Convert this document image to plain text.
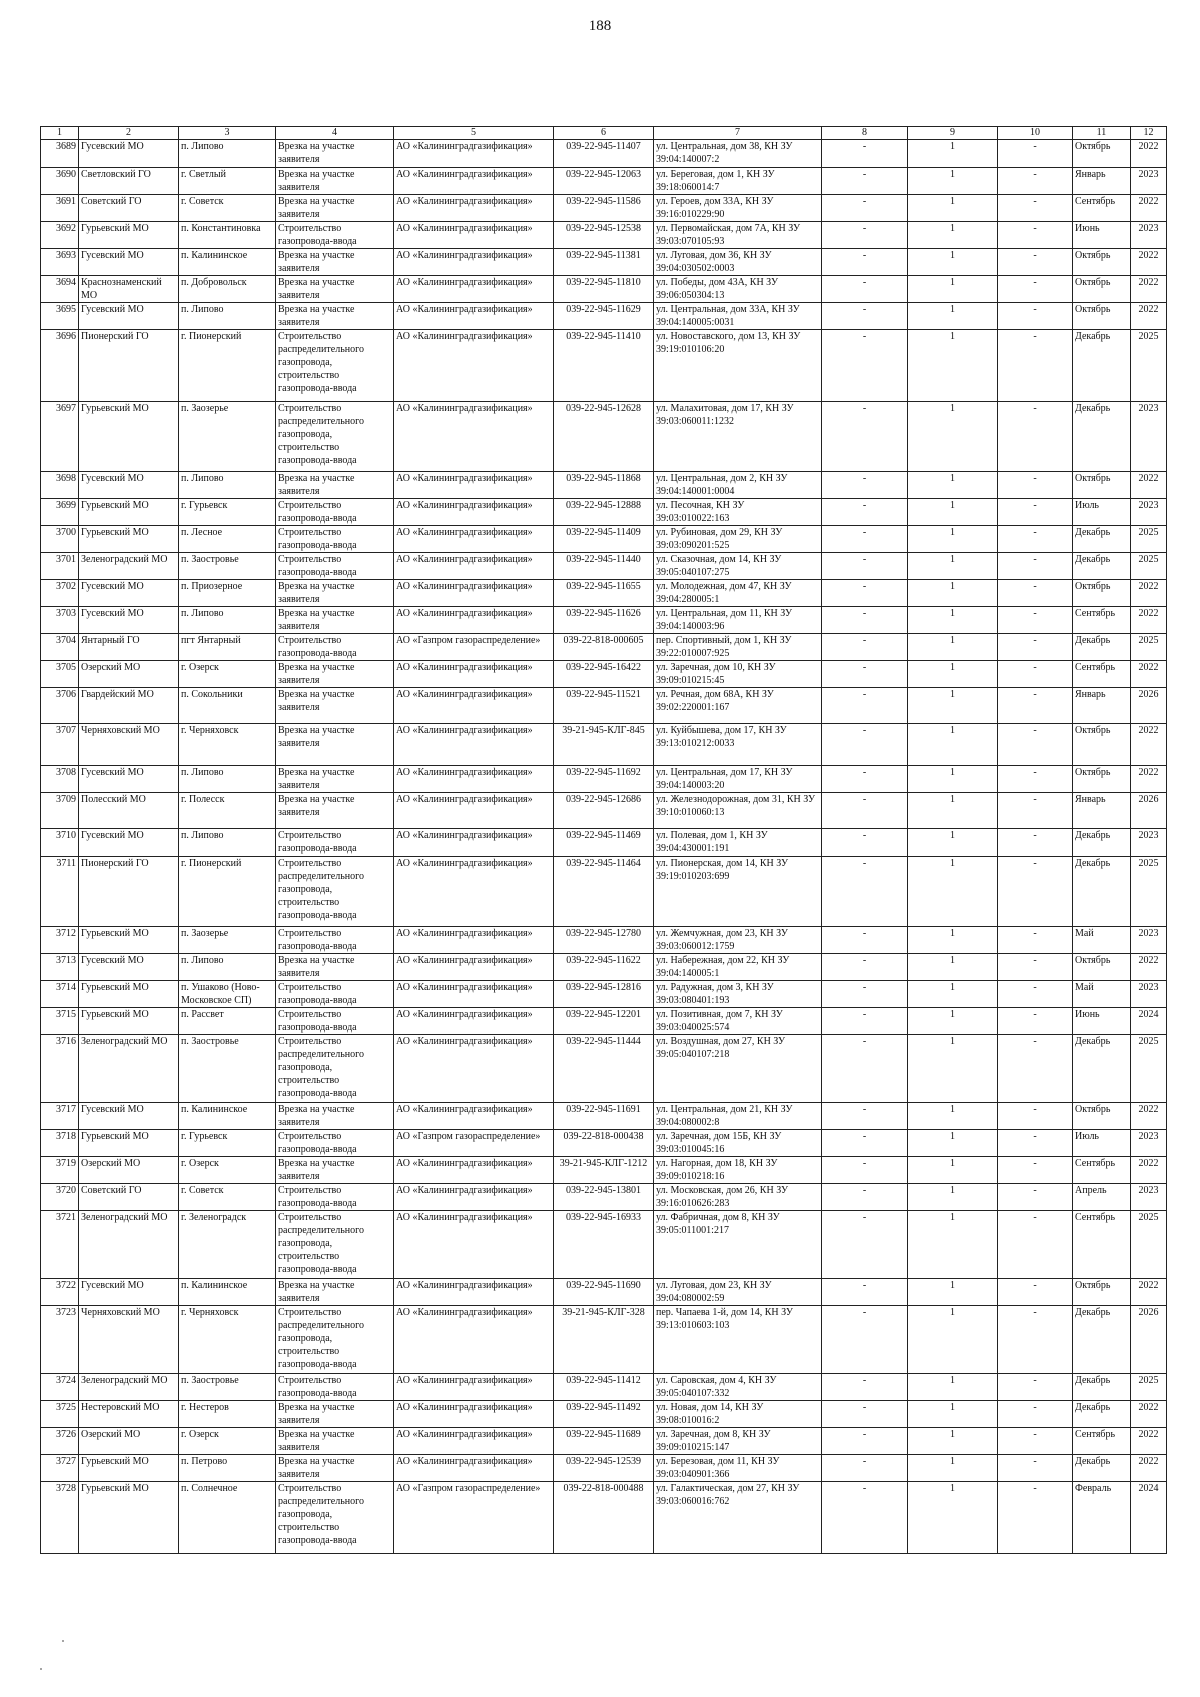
188
1	2	3	4	5	6	7	8	9	10	11	12
3689	Гусевский МО	п. Липово	Врезка на участке заявителя	АО «Калининградгазификация»	039-22-945-11407	ул. Центральная, дом 38, КН ЗУ 39:04:140007:2	-	1	-	Октябрь	2022
3690	Светловский ГО	г. Светлый	Врезка на участке заявителя	АО «Калининградгазификация»	039-22-945-12063	ул. Береговая, дом 1, КН ЗУ 39:18:060014:7	-	1	-	Январь	2023
3691	Советский ГО	г. Советск	Врезка на участке заявителя	АО «Калининградгазификация»	039-22-945-11586	ул. Героев, дом 33А, КН ЗУ 39:16:010229:90	-	1	-	Сентябрь	2022
3692	Гурьевский МО	п. Константиновка	Строительство газопровода-ввода	АО «Калининградгазификация»	039-22-945-12538	ул. Первомайская, дом 7А, КН ЗУ 39:03:070105:93	-	1	-	Июнь	2023
3693	Гусевский МО	п. Калининское	Врезка на участке заявителя	АО «Калининградгазификация»	039-22-945-11381	ул. Луговая, дом 36, КН ЗУ 39:04:030502:0003	-	1	-	Октябрь	2022
3694	Краснознаменский МО	п. Добровольск	Врезка на участке заявителя	АО «Калининградгазификация»	039-22-945-11810	ул. Победы, дом 43А, КН ЗУ 39:06:050304:13	-	1	-	Октябрь	2022
3695	Гусевский МО	п. Липово	Врезка на участке заявителя	АО «Калининградгазификация»	039-22-945-11629	ул. Центральная, дом 33А, КН ЗУ 39:04:140005:0031	-	1	-	Октябрь	2022
3696	Пионерский ГО	г. Пионерский	Строительство распределительного газопровода, строительство газопровода-ввода	АО «Калининградгазификация»	039-22-945-11410	ул. Новоставского, дом 13, КН ЗУ 39:19:010106:20	-	1	-	Декабрь	2025
3697	Гурьевский МО	п. Заозерье	Строительство распределительного газопровода, строительство газопровода-ввода	АО «Калининградгазификация»	039-22-945-12628	ул. Малахитовая, дом 17, КН ЗУ 39:03:060011:1232	-	1	-	Декабрь	2023
3698	Гусевский МО	п. Липово	Врезка на участке заявителя	АО «Калининградгазификация»	039-22-945-11868	ул. Центральная, дом 2, КН ЗУ 39:04:140001:0004	-	1	-	Октябрь	2022
3699	Гурьевский МО	г. Гурьевск	Строительство газопровода-ввода	АО «Калининградгазификация»	039-22-945-12888	ул. Песочная, КН ЗУ 39:03:010022:163	-	1	-	Июль	2023
3700	Гурьевский МО	п. Лесное	Строительство газопровода-ввода	АО «Калининградгазификация»	039-22-945-11409	ул. Рубиновая, дом 29, КН ЗУ 39:03:090201:525	-	1	-	Декабрь	2025
3701	Зеленоградский МО	п. Заостровье	Строительство газопровода-ввода	АО «Калининградгазификация»	039-22-945-11440	ул. Сказочная, дом 14, КН ЗУ 39:05:040107:275	-	1	-	Декабрь	2025
3702	Гусевский МО	п. Приозерное	Врезка на участке заявителя	АО «Калининградгазификация»	039-22-945-11655	ул. Молодежная, дом 47, КН ЗУ 39:04:280005:1	-	1	-	Октябрь	2022
3703	Гусевский МО	п. Липово	Врезка на участке заявителя	АО «Калининградгазификация»	039-22-945-11626	ул. Центральная, дом 11, КН ЗУ 39:04:140003:96	-	1	-	Сентябрь	2022
3704	Янтарный ГО	пгт Янтарный	Строительство газопровода-ввода	АО «Газпром газораспределение»	039-22-818-000605	пер. Спортивный, дом 1, КН ЗУ 39:22:010007:925	-	1	-	Декабрь	2025
3705	Озерский МО	г. Озерск	Врезка на участке заявителя	АО «Калининградгазификация»	039-22-945-16422	ул. Заречная, дом 10, КН ЗУ 39:09:010215:45	-	1	-	Сентябрь	2022
3706	Гвардейский МО	п. Сокольники	Врезка на участке заявителя	АО «Калининградгазификация»	039-22-945-11521	ул. Речная, дом 68А, КН ЗУ 39:02:220001:167	-	1	-	Январь	2026
3707	Черняховский МО	г. Черняховск	Врезка на участке заявителя	АО «Калининградгазификация»	39-21-945-КЛГ-845	ул. Куйбышева, дом 17, КН ЗУ 39:13:010212:0033	-	1	-	Октябрь	2022
3708	Гусевский МО	п. Липово	Врезка на участке заявителя	АО «Калининградгазификация»	039-22-945-11692	ул. Центральная, дом 17, КН ЗУ 39:04:140003:20	-	1	-	Октябрь	2022
3709	Полесский МО	г. Полесск	Врезка на участке заявителя	АО «Калининградгазификация»	039-22-945-12686	ул. Железнодорожная, дом 31, КН ЗУ 39:10:010060:13	-	1	-	Январь	2026
3710	Гусевский МО	п. Липово	Строительство газопровода-ввода	АО «Калининградгазификация»	039-22-945-11469	ул. Полевая, дом 1, КН ЗУ 39:04:430001:191	-	1	-	Декабрь	2023
3711	Пионерский ГО	г. Пионерский	Строительство распределительного газопровода, строительство газопровода-ввода	АО «Калининградгазификация»	039-22-945-11464	ул. Пионерская, дом 14, КН ЗУ 39:19:010203:699	-	1	-	Декабрь	2025
3712	Гурьевский МО	п. Заозерье	Строительство газопровода-ввода	АО «Калининградгазификация»	039-22-945-12780	ул. Жемчужная, дом 23, КН ЗУ 39:03:060012:1759	-	1	-	Май	2023
3713	Гусевский МО	п. Липово	Врезка на участке заявителя	АО «Калининградгазификация»	039-22-945-11622	ул. Набережная, дом 22, КН ЗУ 39:04:140005:1	-	1	-	Октябрь	2022
3714	Гурьевский МО	п. Ушаково (Ново-Московское СП)	Строительство газопровода-ввода	АО «Калининградгазификация»	039-22-945-12816	ул. Радужная, дом 3, КН ЗУ 39:03:080401:193	-	1	-	Май	2023
3715	Гурьевский МО	п. Рассвет	Строительство газопровода-ввода	АО «Калининградгазификация»	039-22-945-12201	ул. Позитивная, дом 7, КН ЗУ 39:03:040025:574	-	1	-	Июнь	2024
3716	Зеленоградский МО	п. Заостровье	Строительство распределительного газопровода, строительство газопровода-ввода	АО «Калининградгазификация»	039-22-945-11444	ул. Воздушная, дом 27, КН ЗУ 39:05:040107:218	-	1	-	Декабрь	2025
3717	Гусевский МО	п. Калининское	Врезка на участке заявителя	АО «Калининградгазификация»	039-22-945-11691	ул. Центральная, дом 21, КН ЗУ 39:04:080002:8	-	1	-	Октябрь	2022
3718	Гурьевский МО	г. Гурьевск	Строительство газопровода-ввода	АО «Газпром газораспределение»	039-22-818-000438	ул. Заречная, дом 15Б, КН ЗУ 39:03:010045:16	-	1	-	Июль	2023
3719	Озерский МО	г. Озерск	Врезка на участке заявителя	АО «Калининградгазификация»	39-21-945-КЛГ-1212	ул. Нагорная, дом 18, КН ЗУ 39:09:010218:16	-	1	-	Сентябрь	2022
3720	Советский ГО	г. Советск	Строительство газопровода-ввода	АО «Калининградгазификация»	039-22-945-13801	ул. Московская, дом 26, КН ЗУ 39:16:010626:283	-	1	-	Апрель	2023
3721	Зеленоградский МО	г. Зеленоградск	Строительство распределительного газопровода, строительство газопровода-ввода	АО «Калининградгазификация»	039-22-945-16933	ул. Фабричная, дом 8, КН ЗУ 39:05:011001:217	-	1	-	Сентябрь	2025
3722	Гусевский МО	п. Калининское	Врезка на участке заявителя	АО «Калининградгазификация»	039-22-945-11690	ул. Луговая, дом 23, КН ЗУ 39:04:080002:59	-	1	-	Октябрь	2022
3723	Черняховский МО	г. Черняховск	Строительство распределительного газопровода, строительство газопровода-ввода	АО «Калининградгазификация»	39-21-945-КЛГ-328	пер. Чапаева 1-й, дом 14, КН ЗУ 39:13:010603:103	-	1	-	Декабрь	2026
3724	Зеленоградский МО	п. Заостровье	Строительство газопровода-ввода	АО «Калининградгазификация»	039-22-945-11412	ул. Саровская, дом 4, КН ЗУ 39:05:040107:332	-	1	-	Декабрь	2025
3725	Нестеровский МО	г. Нестеров	Врезка на участке заявителя	АО «Калининградгазификация»	039-22-945-11492	ул. Новая, дом 14, КН ЗУ 39:08:010016:2	-	1	-	Декабрь	2022
3726	Озерский МО	г. Озерск	Врезка на участке заявителя	АО «Калининградгазификация»	039-22-945-11689	ул. Заречная, дом 8, КН ЗУ 39:09:010215:147	-	1	-	Сентябрь	2022
3727	Гурьевский МО	п. Петрово	Врезка на участке заявителя	АО «Калининградгазификация»	039-22-945-12539	ул. Березовая, дом 11, КН ЗУ 39:03:040901:366	-	1	-	Декабрь	2022
3728	Гурьевский МО	п. Солнечное	Строительство распределительного газопровода, строительство газопровода-ввода	АО «Газпром газораспределение»	039-22-818-000488	ул. Галактическая, дом 27, КН ЗУ 39:03:060016:762	-	1	-	Февраль	2024
